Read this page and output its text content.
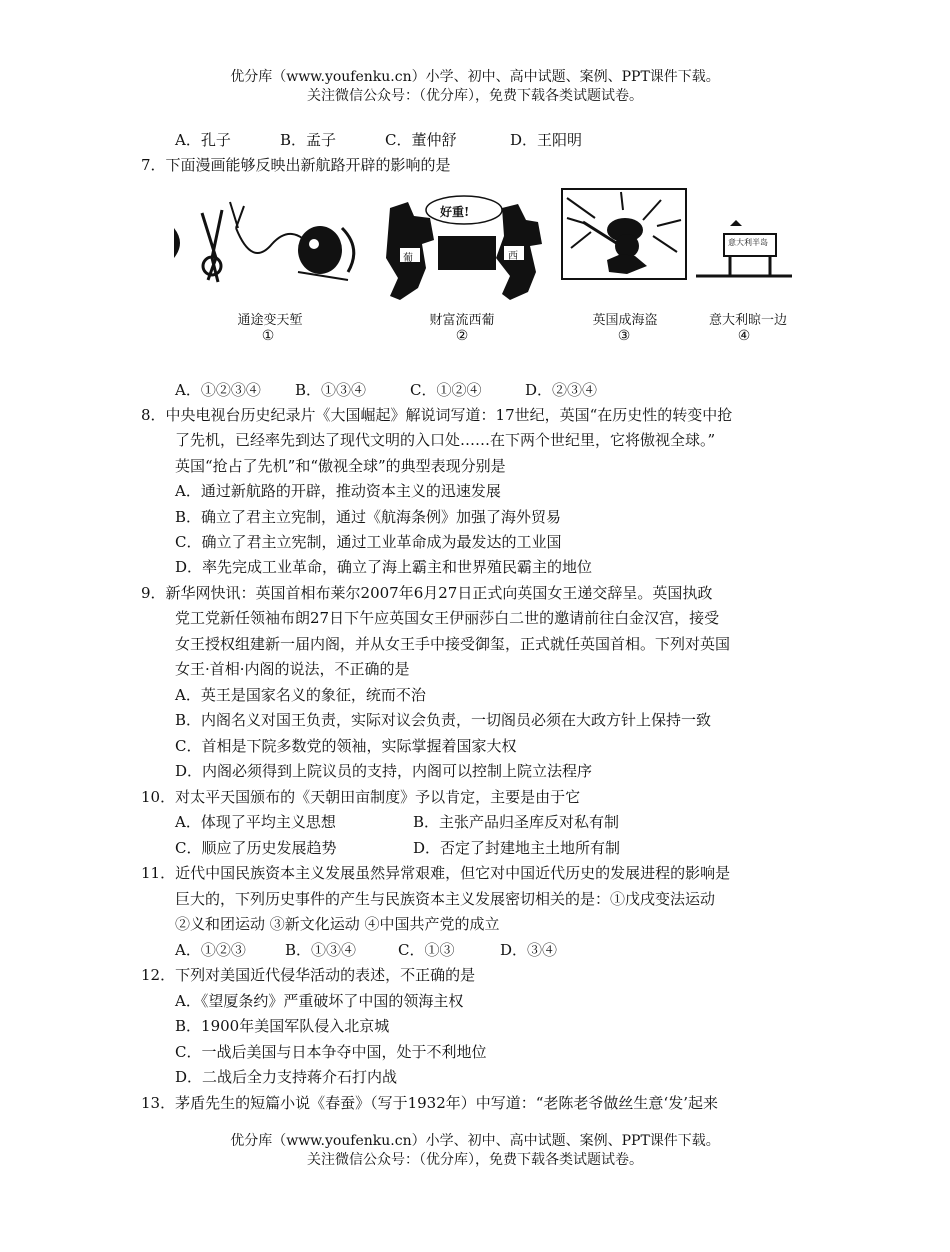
优分库（www.youfenku.cn）小学、初中、高中试题、案例、PPT课件下载。
关注微信公众号：（优分库），免费下载各类试题试卷。
A．孔子	B．孟子	C．董仲舒	D．王阳明
7．下面漫画能够反映出新航路开辟的影响的是
好重!
葡	西
意大利半岛
通途变天堑	财富流西葡	英国成海盗	意大利晾一边
①	②	③	④
A．①②③④ B．①③④	C．①②④	D．②③④
8．中央电视台历史纪录片《大国崛起》解说词写道：17世纪，英国“在历史性的转变中抢
了先机，已经率先到达了现代文明的入口处……在下两个世纪里，它将傲视全球。”
英国“抢占了先机”和“傲视全球”的典型表现分别是
A．通过新航路的开辟，推动资本主义的迅速发展
B．确立了君主立宪制，通过《航海条例》加强了海外贸易
C．确立了君主立宪制，通过工业革命成为最发达的工业国
D．率先完成工业革命，确立了海上霸主和世界殖民霸主的地位
9．新华网快讯：英国首相布莱尔2007年6月27日正式向英国女王递交辞呈。英国执政
党工党新任领袖布朗27日下午应英国女王伊丽莎白二世的邀请前往白金汉宫，接受
女王授权组建新一届内阁，并从女王手中接受御玺，正式就任英国首相。下列对英国
女王·首相·内阁的说法，不正确的是
A．英王是国家名义的象征，统而不治
B．内阁名义对国王负责，实际对议会负责，一切阁员必须在大政方针上保持一致
C．首相是下院多数党的领袖，实际掌握着国家大权
D．内阁必须得到上院议员的支持，内阁可以控制上院立法程序
10．对太平天国颁布的《天朝田亩制度》予以肯定，主要是由于它
A．体现了平均主义思想	B．主张产品归圣库反对私有制
C．顺应了历史发展趋势	D．否定了封建地主土地所有制
11．近代中国民族资本主义发展虽然异常艰难，但它对中国近代历史的发展进程的影响是
巨大的，下列历史事件的产生与民族资本主义发展密切相关的是：①戊戌变法运动
②义和团运动 ③新文化运动 ④中国共产党的成立
A．①②③	B．①③④	C．①③	D．③④
12．下列对美国近代侵华活动的表述，不正确的是
A．《望厦条约》严重破坏了中国的领海主权
B．1900年美国军队侵入北京城
C．一战后美国与日本争夺中国，处于不利地位
D．二战后全力支持蒋介石打内战
13．茅盾先生的短篇小说《春蚕》（写于1932年）中写道：“老陈老爷做丝生意‘发’起来
优分库（www.youfenku.cn）小学、初中、高中试题、案例、PPT课件下载。
关注微信公众号：（优分库），免费下载各类试题试卷。
